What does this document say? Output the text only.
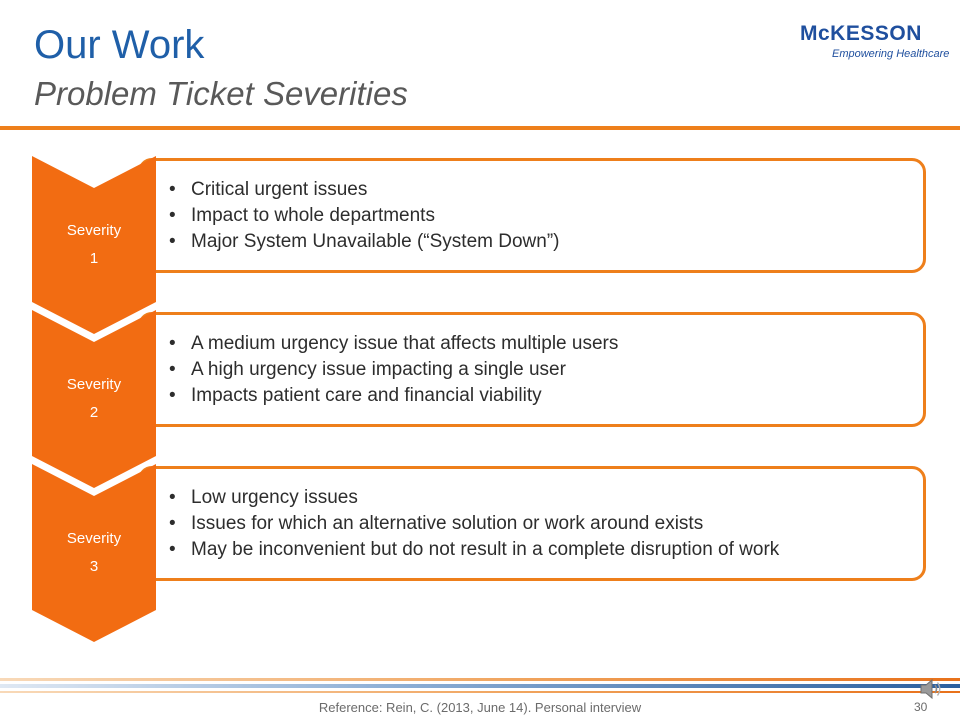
Our Work
Problem Ticket Severities
McKESSON
Empowering Healthcare
• Critical urgent issues
• Impact to whole departments
• Major System Unavailable (“System Down”)
Severity
1
• A medium urgency issue that affects multiple users
• A high urgency issue impacting a single user
• Impacts patient care and financial viability
Severity
2
• Low urgency issues
• Issues for which an alternative solution or work around exists
• May be inconvenient but do not result in a complete disruption of work
Severity
3
Reference: Rein, C. (2013, June 14). Personal interview	30
